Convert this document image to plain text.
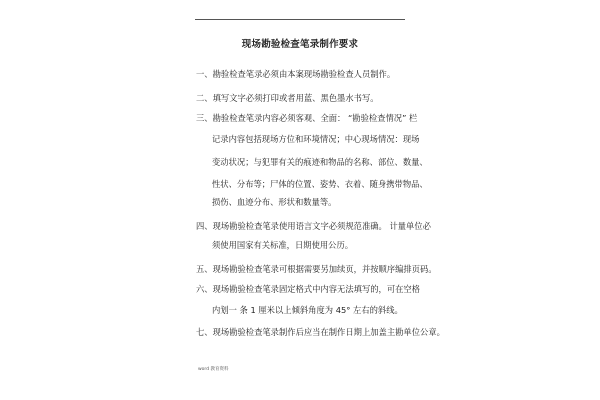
现场勘验检查笔录制作要求
一、勘验检查笔录必须由本案现场勘验检查人员制作。
二、填写文字必须打印或者用蓝、黑色墨水书写。
三、勘验检查笔录内容必须客观、全面： “勘验检查情况” 栏
记录内容包括现场方位和环境情况；中心现场情况：现场
变动状况；与犯罪有关的痕迹和物品的名称、部位、数量、
性状、分布等；尸体的位置、姿势、衣着、随身携带物品、
损伤、血迹分布、形状和数量等。
四、现场勘验检查笔录使用语言文字必须规范准确。 计量单位必
须使用国家有关标准，日期使用公历。
五、现场勘验检查笔录可根据需要另加续页，并按顺序编排页码。
六、现场勘验检查笔录固定格式中内容无法填写的，可在空格
内划一 条 1 厘米以上倾斜角度为 45° 左右的斜线。
七、现场勘验检查笔录制作后应当在制作日期上加盖主勘单位公章。
word 教育资料
